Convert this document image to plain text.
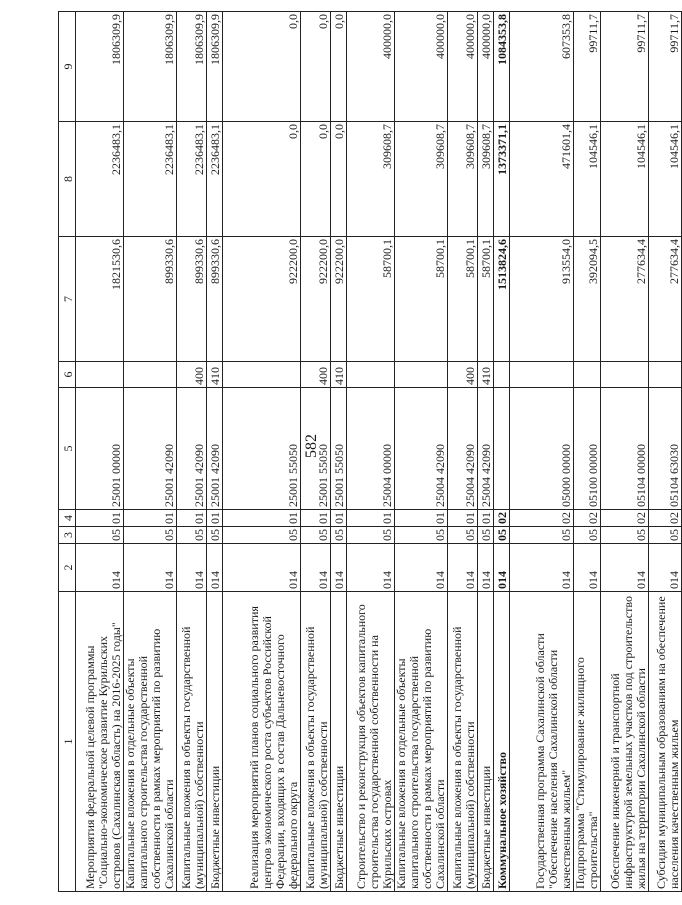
582
1	2	3	4	5	6	7	8	9
Мероприятия федеральной целевой программы "Социально-экономическое развитие Курильских островов (Сахалинская область) на 2016-2025 годы"	014	05	01	25001 00000		1821530,6	2236483,1	1806309,9
Капитальные вложения в отдельные объекты капитального строительства государственной собственности в рамках мероприятий по развитию Сахалинской области	014	05	01	25001 42090		899330,6	2236483,1	1806309,9
Капитальные вложения в объекты государственной (муниципальной) собственности	014	05	01	25001 42090	400	899330,6	2236483,1	1806309,9
Бюджетные инвестиции	014	05	01	25001 42090	410	899330,6	2236483,1	1806309,9
Реализация мероприятий планов социального развития центров экономического роста субъектов Российской Федерации, входящих в состав Дальневосточного федерального округа	014	05	01	25001 55050		922200,0	0,0	0,0
Капитальные вложения в объекты государственной (муниципальной) собственности	014	05	01	25001 55050	400	922200,0	0,0	0,0
Бюджетные инвестиции	014	05	01	25001 55050	410	922200,0	0,0	0,0
Строительство и реконструкция объектов капитального строительства государственной собственности на Курильских островах	014	05	01	25004 00000		58700,1	309608,7	400000,0
Капитальные вложения в отдельные объекты капитального строительства государственной собственности в рамках мероприятий по развитию Сахалинской области	014	05	01	25004 42090		58700,1	309608,7	400000,0
Капитальные вложения в объекты государственной (муниципальной) собственности	014	05	01	25004 42090	400	58700,1	309608,7	400000,0
Бюджетные инвестиции	014	05	01	25004 42090	410	58700,1	309608,7	400000,0
Коммунальное хозяйство	014	05	02			1513824,6	1373371,1	1084353,8
Государственная программа Сахалинской области "Обеспечение населения Сахалинской области качественным жильем"	014	05	02	05000 00000		913554,0	471601,4	607353,8
Подпрограмма "Стимулирование жилищного строительства"	014	05	02	05100 00000		392094,5	104546,1	99711,7
Обеспечение инженерной и транспортной инфраструктурой земельных участков под строительство жилья на территории Сахалинской области	014	05	02	05104 00000		277634,4	104546,1	99711,7
Субсидия муниципальным образованиям на обеспечение населения качественным жильем	014	05	02	05104 63030		277634,4	104546,1	99711,7
